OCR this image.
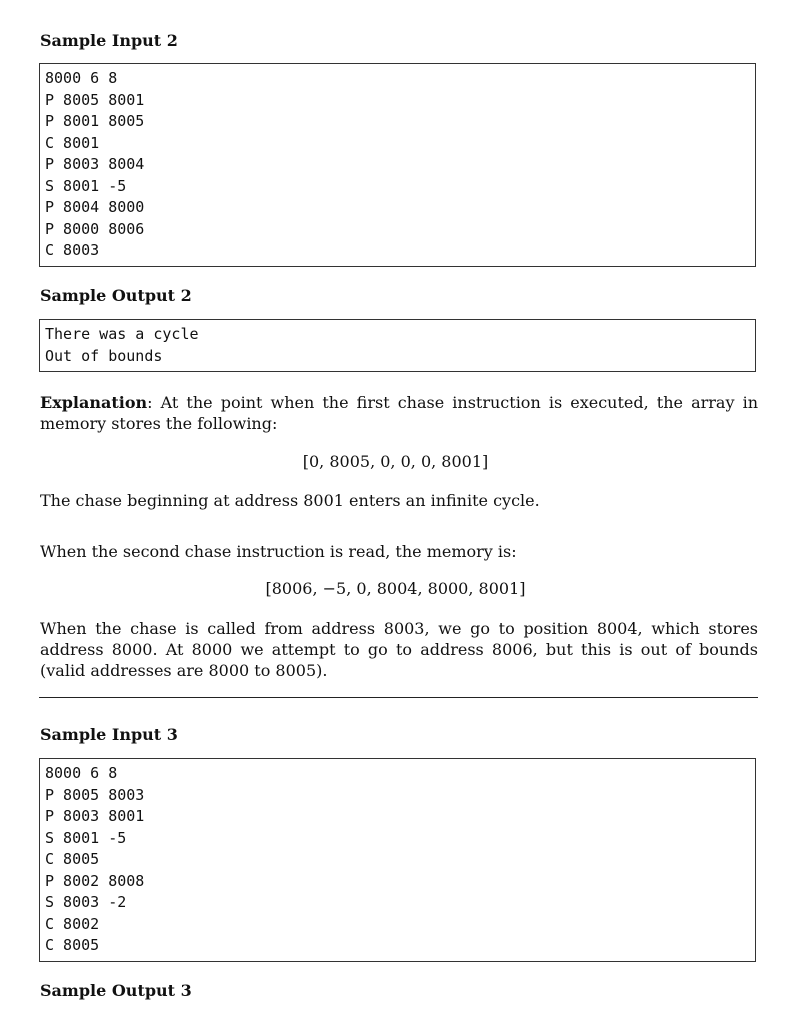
Sample Input 2
8000 6 8
P 8005 8001
P 8001 8005
C 8001
P 8003 8004
S 8001 -5
P 8004 8000
P 8000 8006
C 8003
Sample Output 2
There was a cycle
Out of bounds
Explanation: At the point when the first chase instruction is executed, the array in memory stores the following:
[0, 8005, 0, 0, 0, 8001]
The chase beginning at address 8001 enters an infinite cycle.
When the second chase instruction is read, the memory is:
[8006, −5, 0, 8004, 8000, 8001]
When the chase is called from address 8003, we go to position 8004, which stores address 8000. At 8000 we attempt to go to address 8006, but this is out of bounds (valid addresses are 8000 to 8005).
Sample Input 3
8000 6 8
P 8005 8003
P 8003 8001
S 8001 -5
C 8005
P 8002 8008
S 8003 -2
C 8002
C 8005
Sample Output 3
